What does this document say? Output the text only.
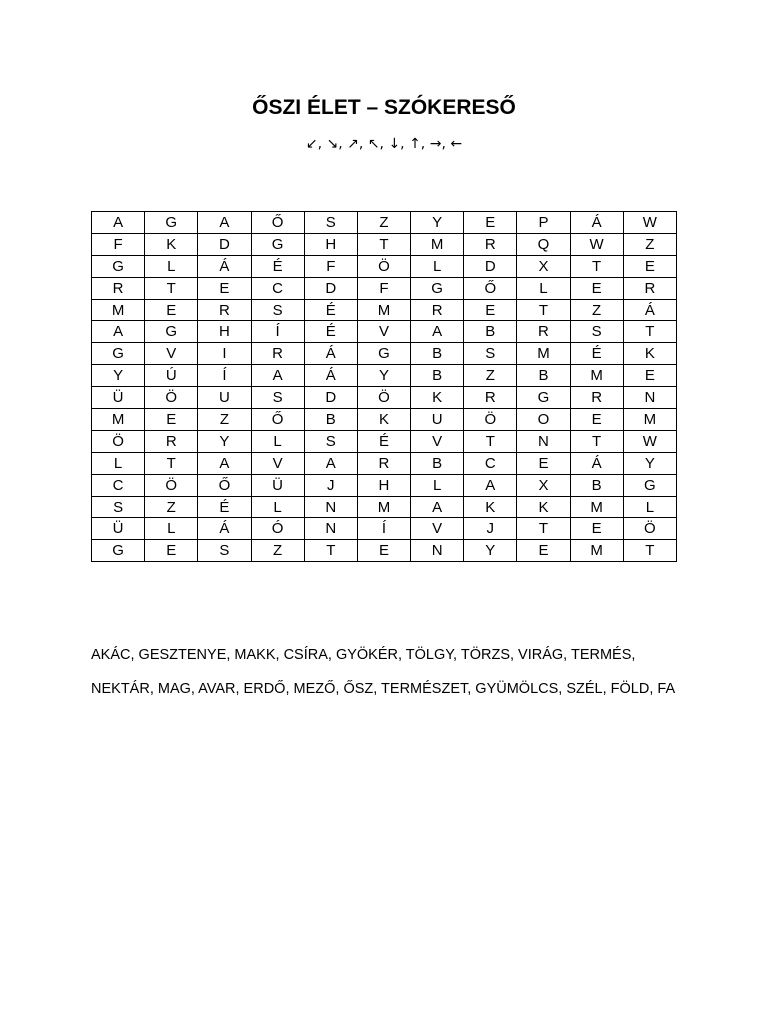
ŐSZI ÉLET – SZÓKERESŐ

↙, ↘, ↗, ↖, ↓, ↑, →, ←

A	G	A	Ő	S	Z	Y	E	P	Á	W
F	K	D	G	H	T	M	R	Q	W	Z
G	L	Á	É	F	Ö	L	D	X	T	E
R	T	E	C	D	F	G	Ő	L	E	R
M	E	R	S	É	M	R	E	T	Z	Á
A	G	H	Í	É	V	A	B	R	S	T
G	V	I	R	Á	G	B	S	M	É	K
Y	Ú	Í	A	Á	Y	B	Z	B	M	E
Ü	Ö	U	S	D	Ö	K	R	G	R	N
M	E	Z	Ő	B	K	U	Ö	O	E	M
Ö	R	Y	L	S	É	V	T	N	T	W
L	T	A	V	A	R	B	C	E	Á	Y
C	Ö	Ő	Ü	J	H	L	A	X	B	G
S	Z	É	L	N	M	A	K	K	M	L
Ü	L	Á	Ó	N	Í	V	J	T	E	Ö
G	E	S	Z	T	E	N	Y	E	M	T

AKÁC, GESZTENYE, MAKK, CSÍRA, GYÖKÉR, TÖLGY, TÖRZS, VIRÁG, TERMÉS,

NEKTÁR, MAG, AVAR, ERDŐ, MEZŐ, ŐSZ, TERMÉSZET, GYÜMÖLCS, SZÉL, FÖLD, FA
